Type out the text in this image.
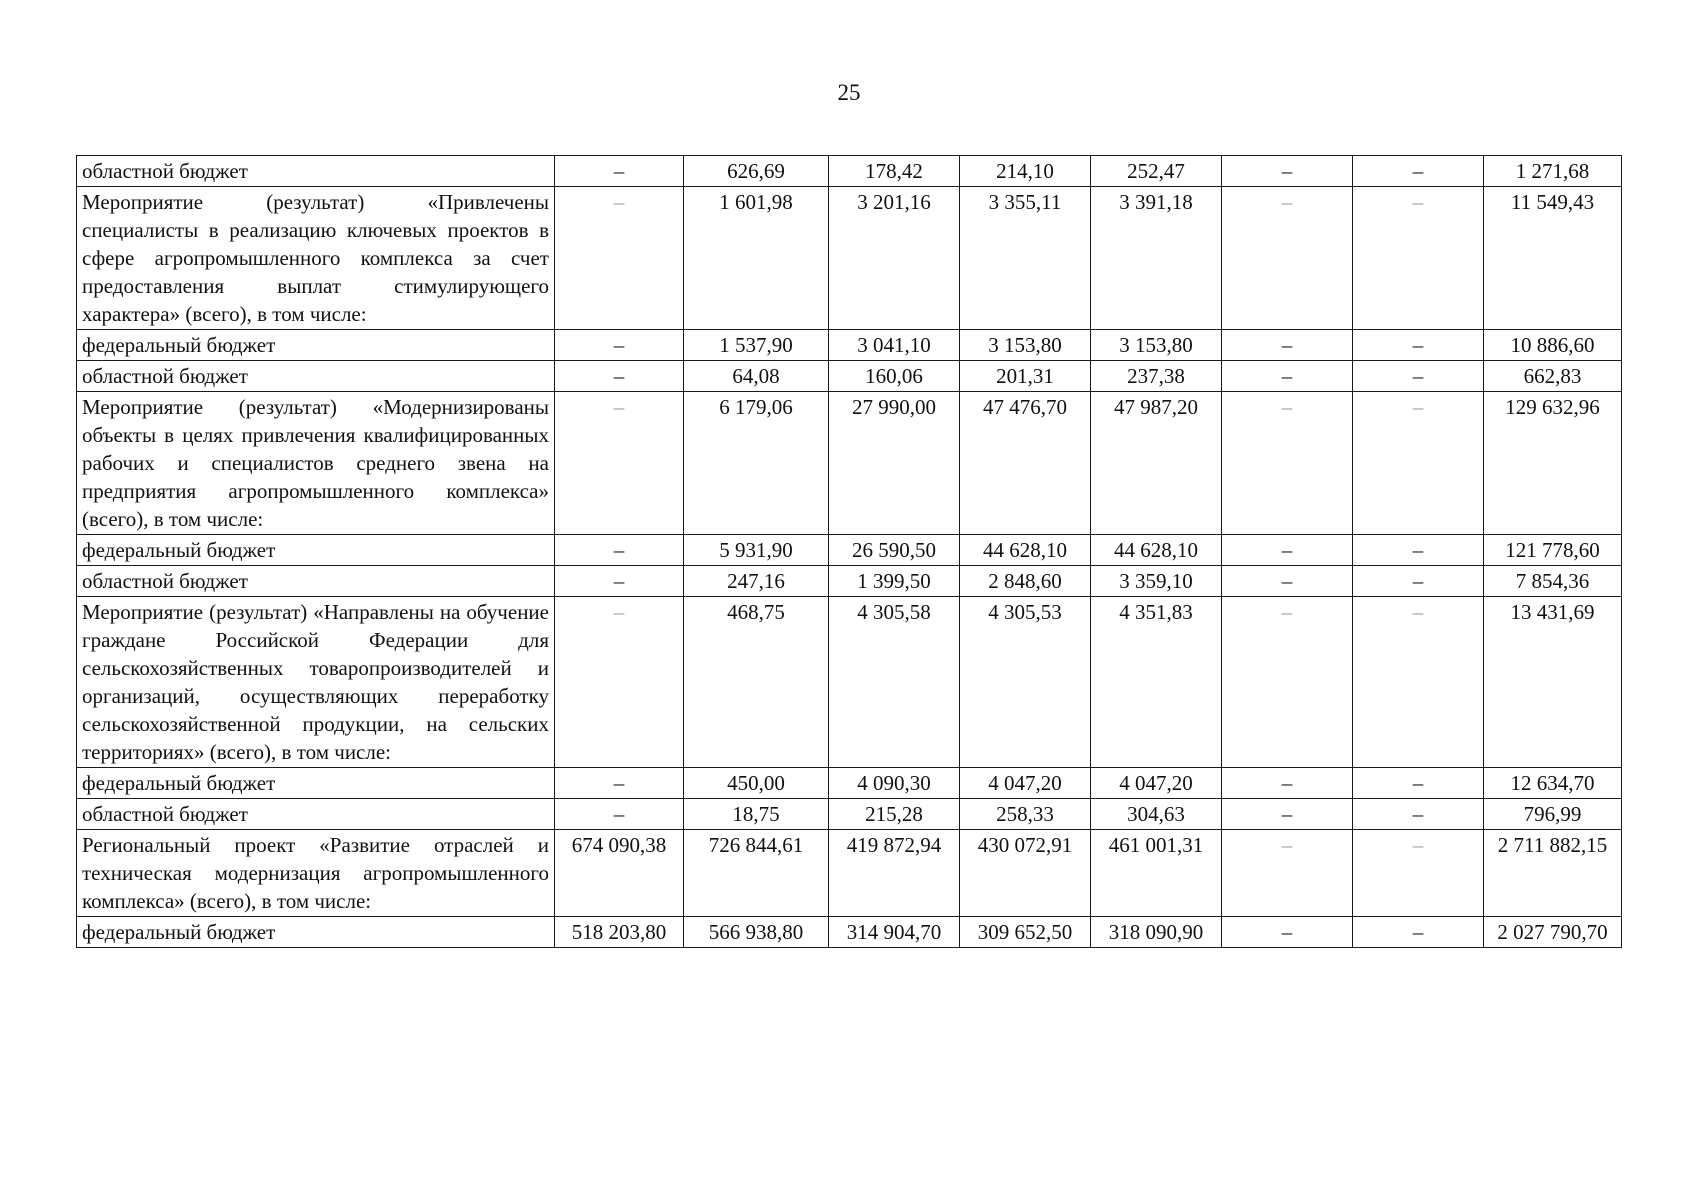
25
областной бюджет	–	626,69	178,42	214,10	252,47	–	–	1 271,68
Мероприятие (результат) «Привлечены специалисты в реализацию ключевых проектов в сфере агропромышленного комплекса за счет предоставления выплат стимулирующего характера» (всего), в том числе:	–	1 601,98	3 201,16	3 355,11	3 391,18	–	–	11 549,43
федеральный бюджет	–	1 537,90	3 041,10	3 153,80	3 153,80	–	–	10 886,60
областной бюджет	–	64,08	160,06	201,31	237,38	–	–	662,83
Мероприятие (результат) «Модернизированы объекты в целях привлечения квалифицированных рабочих и специалистов среднего звена на предприятия агропромышленного комплекса» (всего), в том числе:	–	6 179,06	27 990,00	47 476,70	47 987,20	–	–	129 632,96
федеральный бюджет	–	5 931,90	26 590,50	44 628,10	44 628,10	–	–	121 778,60
областной бюджет	–	247,16	1 399,50	2 848,60	3 359,10	–	–	7 854,36
Мероприятие (результат) «Направлены на обучение граждане Российской Федерации для сельскохозяйственных товаропроизводителей и организаций, осуществляющих переработку сельскохозяйственной продукции, на сельских территориях» (всего), в том числе:	–	468,75	4 305,58	4 305,53	4 351,83	–	–	13 431,69
федеральный бюджет	–	450,00	4 090,30	4 047,20	4 047,20	–	–	12 634,70
областной бюджет	–	18,75	215,28	258,33	304,63	–	–	796,99
Региональный проект «Развитие отраслей и техническая модернизация агропромышленного комплекса» (всего), в том числе:	674 090,38	726 844,61	419 872,94	430 072,91	461 001,31	–	–	2 711 882,15
федеральный бюджет	518 203,80	566 938,80	314 904,70	309 652,50	318 090,90	–	–	2 027 790,70
